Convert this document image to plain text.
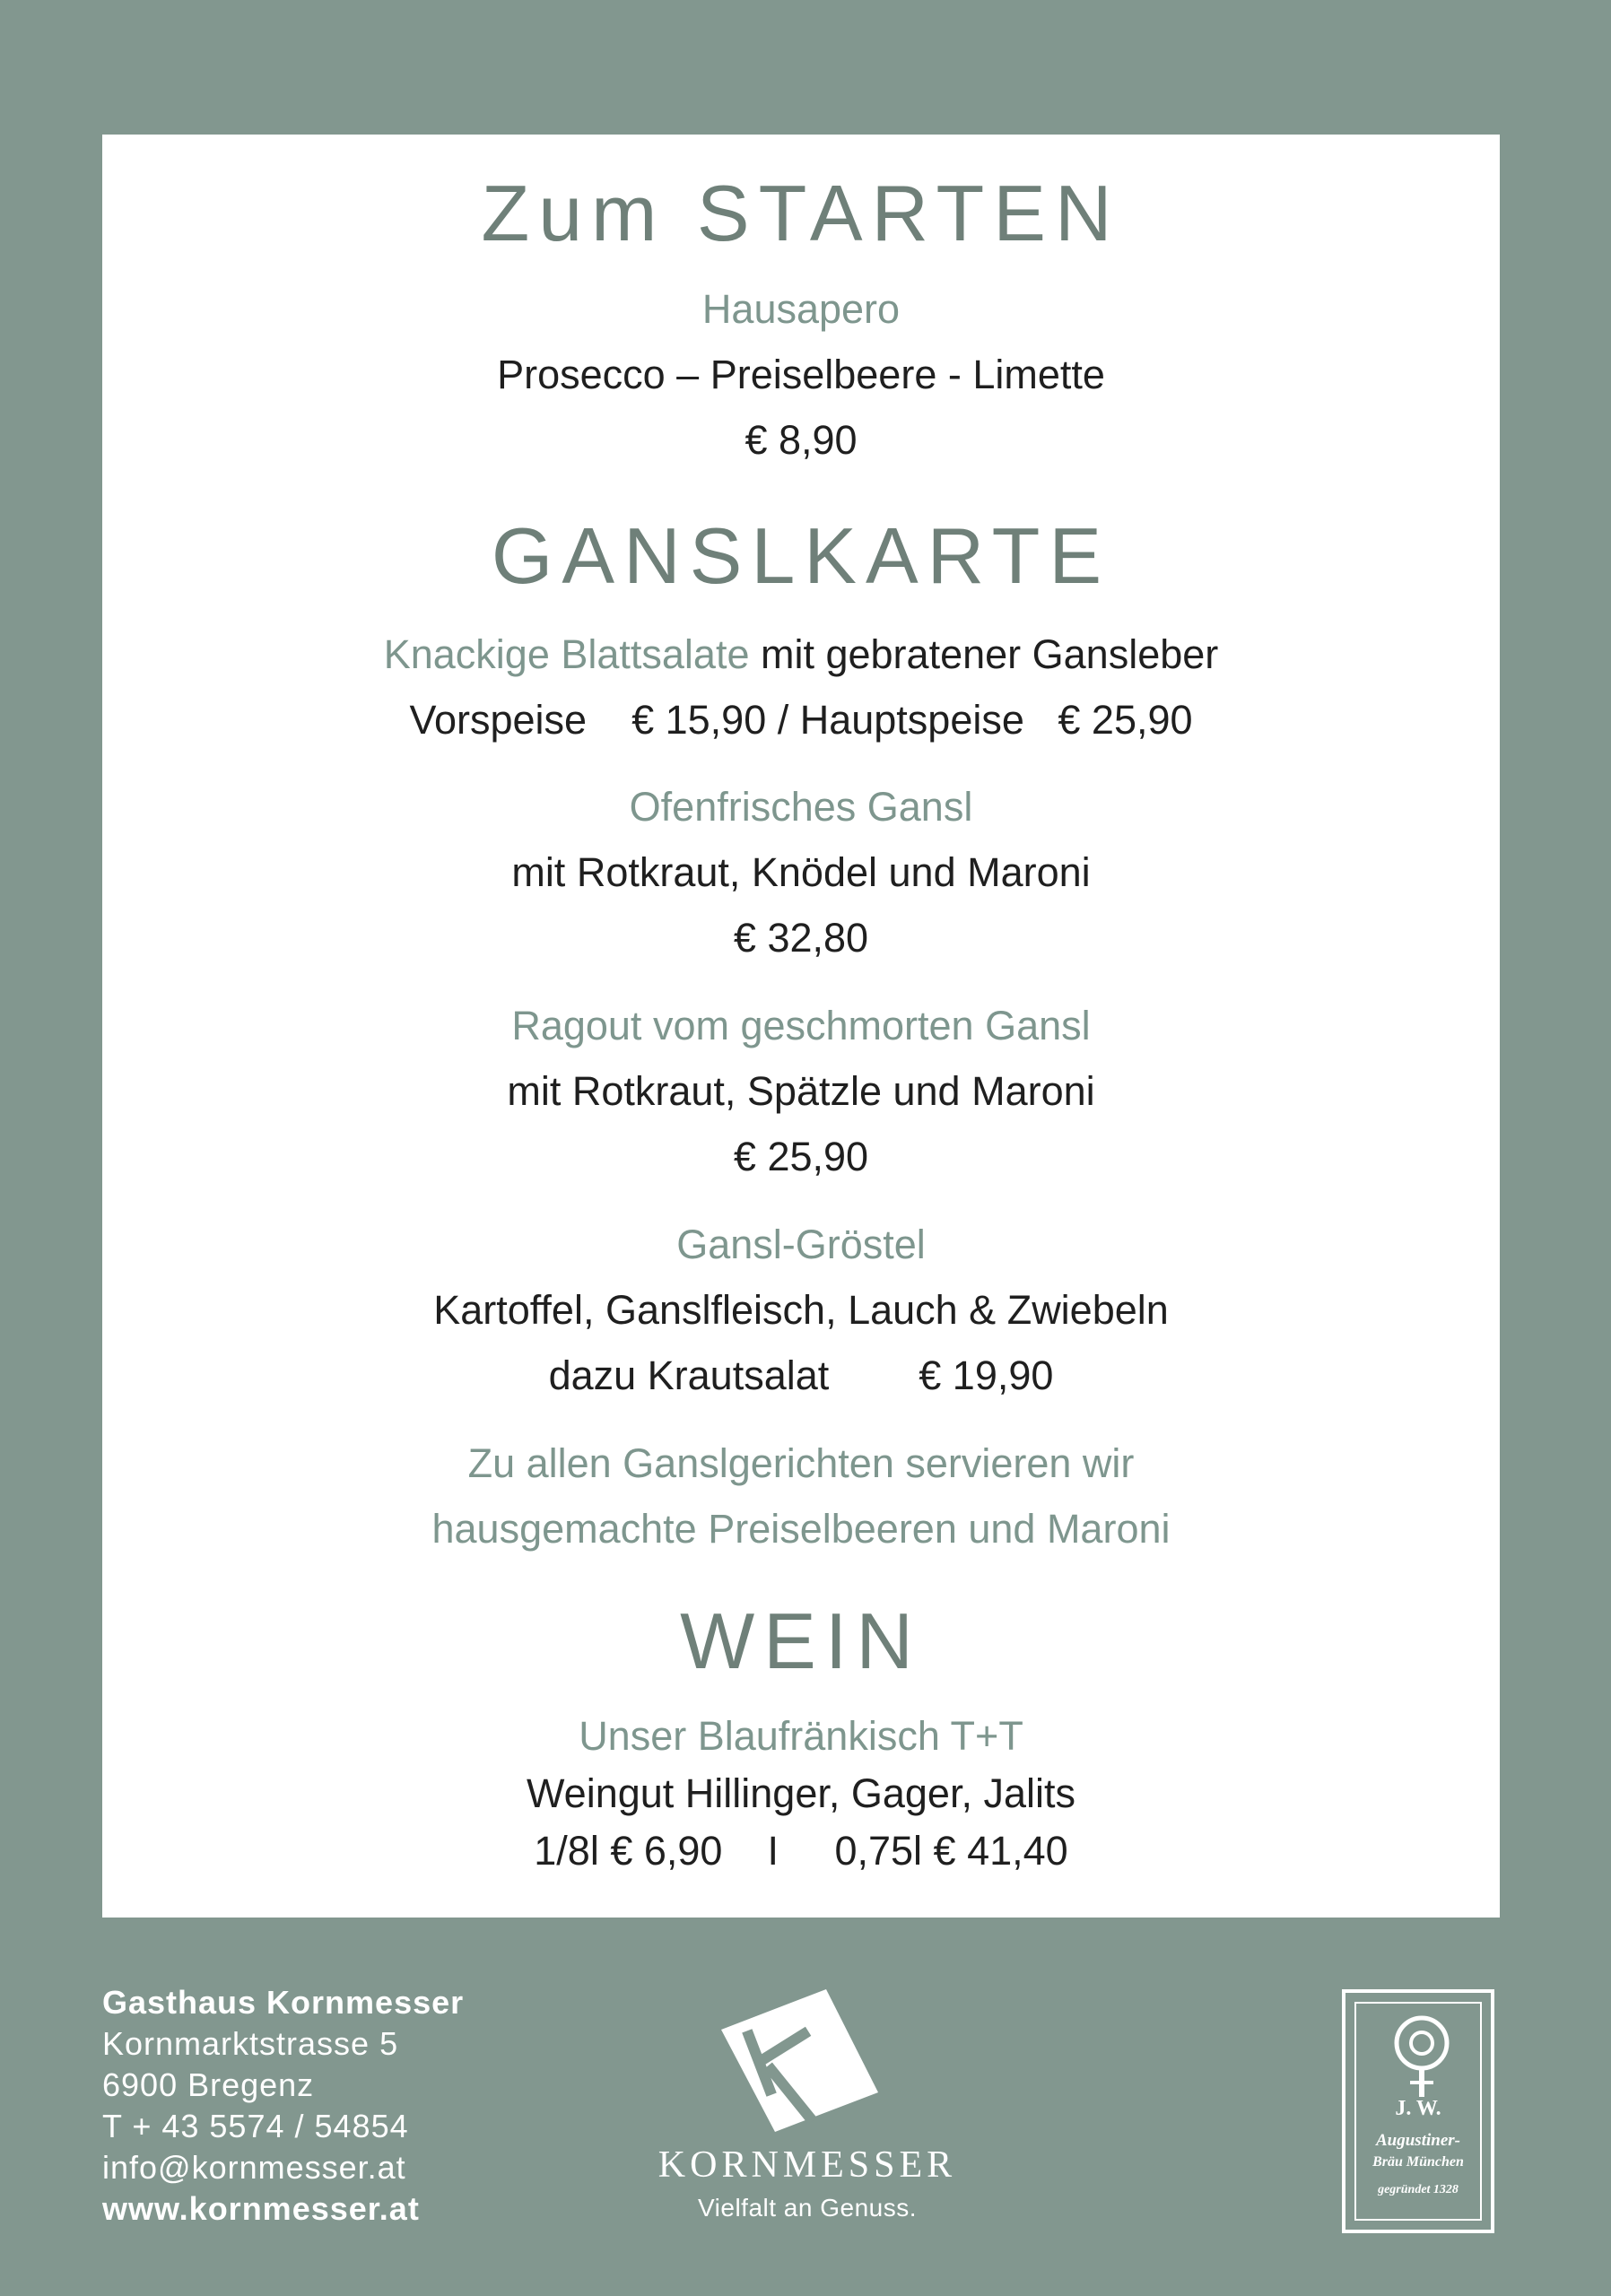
Zum STARTEN
Hausapero
Prosecco – Preiselbeere - Limette
€ 8,90
GANSLKARTE
Knackige Blattsalate mit gebratener Gansleber
Vorspeise    € 15,90 / Hauptspeise   € 25,90
Ofenfrisches Gansl
mit Rotkraut, Knödel und Maroni
€ 32,80
Ragout vom geschmorten Gansl
mit Rotkraut, Spätzle und Maroni
€ 25,90
Gansl-Gröstel
Kartoffel, Ganslfleisch, Lauch & Zwiebeln
dazu Krautsalat        € 19,90
Zu allen Ganslgerichten servieren wir
hausgemachte Preiselbeeren und Maroni
WEIN
Unser Blaufränkisch T+T
Weingut Hillinger, Gager, Jalits
1/8l € 6,90    I     0,75l € 41,40
Gasthaus Kornmesser
Kornmarktstrasse 5
6900 Bregenz
T + 43 5574 / 54854
info@kornmesser.at
www.kornmesser.at
KORNMESSER
Vielfalt an Genuss.
J. W.
Augustiner-
Bräu München
gegründet 1328
